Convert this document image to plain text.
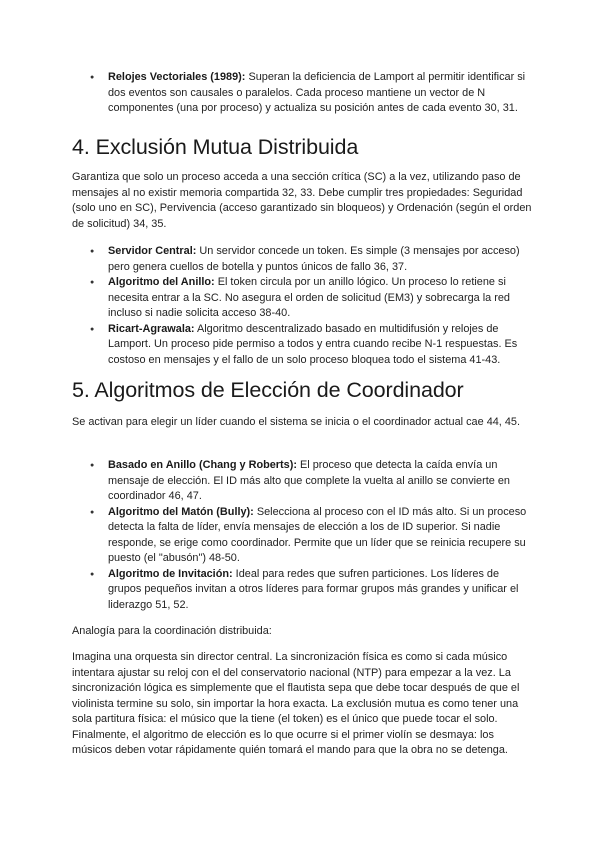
● Relojes Vectoriales (1989): Superan la deficiencia de Lamport al permitir identificar si dos eventos son causales o paralelos. Cada proceso mantiene un vector de N componentes (una por proceso) y actualiza su posición antes de cada evento 30, 31.
4. Exclusión Mutua Distribuida

Garantiza que solo un proceso acceda a una sección crítica (SC) a la vez, utilizando paso de mensajes al no existir memoria compartida 32, 33. Debe cumplir tres propiedades: Seguridad (solo uno en SC), Pervivencia (acceso garantizado sin bloqueos) y Ordenación (según el orden de solicitud) 34, 35.

● Servidor Central: Un servidor concede un token. Es simple (3 mensajes por acceso) pero genera cuellos de botella y puntos únicos de fallo 36, 37.
● Algoritmo del Anillo: El token circula por un anillo lógico. Un proceso lo retiene si necesita entrar a la SC. No asegura el orden de solicitud (EM3) y sobrecarga la red incluso si nadie solicita acceso 38-40.
● Ricart-Agrawala: Algoritmo descentralizado basado en multidifusión y relojes de Lamport. Un proceso pide permiso a todos y entra cuando recibe N-1 respuestas. Es costoso en mensajes y el fallo de un solo proceso bloquea todo el sistema 41-43.
5. Algoritmos de Elección de Coordinador

Se activan para elegir un líder cuando el sistema se inicia o el coordinador actual cae 44, 45.

● Basado en Anillo (Chang y Roberts): El proceso que detecta la caída envía un mensaje de elección. El ID más alto que complete la vuelta al anillo se convierte en coordinador 46, 47.
● Algoritmo del Matón (Bully): Selecciona al proceso con el ID más alto. Si un proceso detecta la falta de líder, envía mensajes de elección a los de ID superior. Si nadie responde, se erige como coordinador. Permite que un líder que se reinicia recupere su puesto (el "abusón") 48-50.
● Algoritmo de Invitación: Ideal para redes que sufren particiones. Los líderes de grupos pequeños invitan a otros líderes para formar grupos más grandes y unificar el liderazgo 51, 52.

Analogía para la coordinación distribuida:

Imagina una orquesta sin director central. La sincronización física es como si cada músico intentara ajustar su reloj con el del conservatorio nacional (NTP) para empezar a la vez. La sincronización lógica es simplemente que el flautista sepa que debe tocar después de que el violinista termine su solo, sin importar la hora exacta. La exclusión mutua es como tener una sola partitura física: el músico que la tiene (el token) es el único que puede tocar el solo. Finalmente, el algoritmo de elección es lo que ocurre si el primer violín se desmaya: los músicos deben votar rápidamente quién tomará el mando para que la obra no se detenga.
